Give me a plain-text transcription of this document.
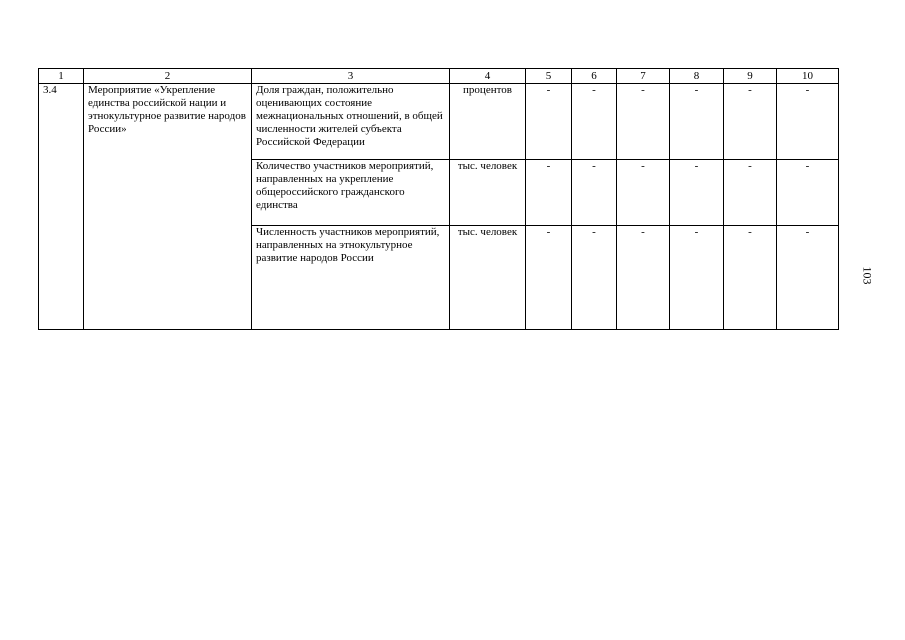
1	2	3	4	5	6	7	8	9	10
3.4	Мероприятие «Укрепление единства российской нации и этнокультурное развитие народов России»	Доля граждан, положительно оценивающих состояние межнациональных отношений, в общей численности жителей субъекта Российской Федерации	процентов	-	-	-	-	-	-
		Количество участников мероприятий, направленных на укрепление общероссийского гражданского единства	тыс. человек	-	-	-	-	-	-
		Численность участников мероприятий, направленных на этнокультурное развитие народов России	тыс. человек	-	-	-	-	-	-
103
